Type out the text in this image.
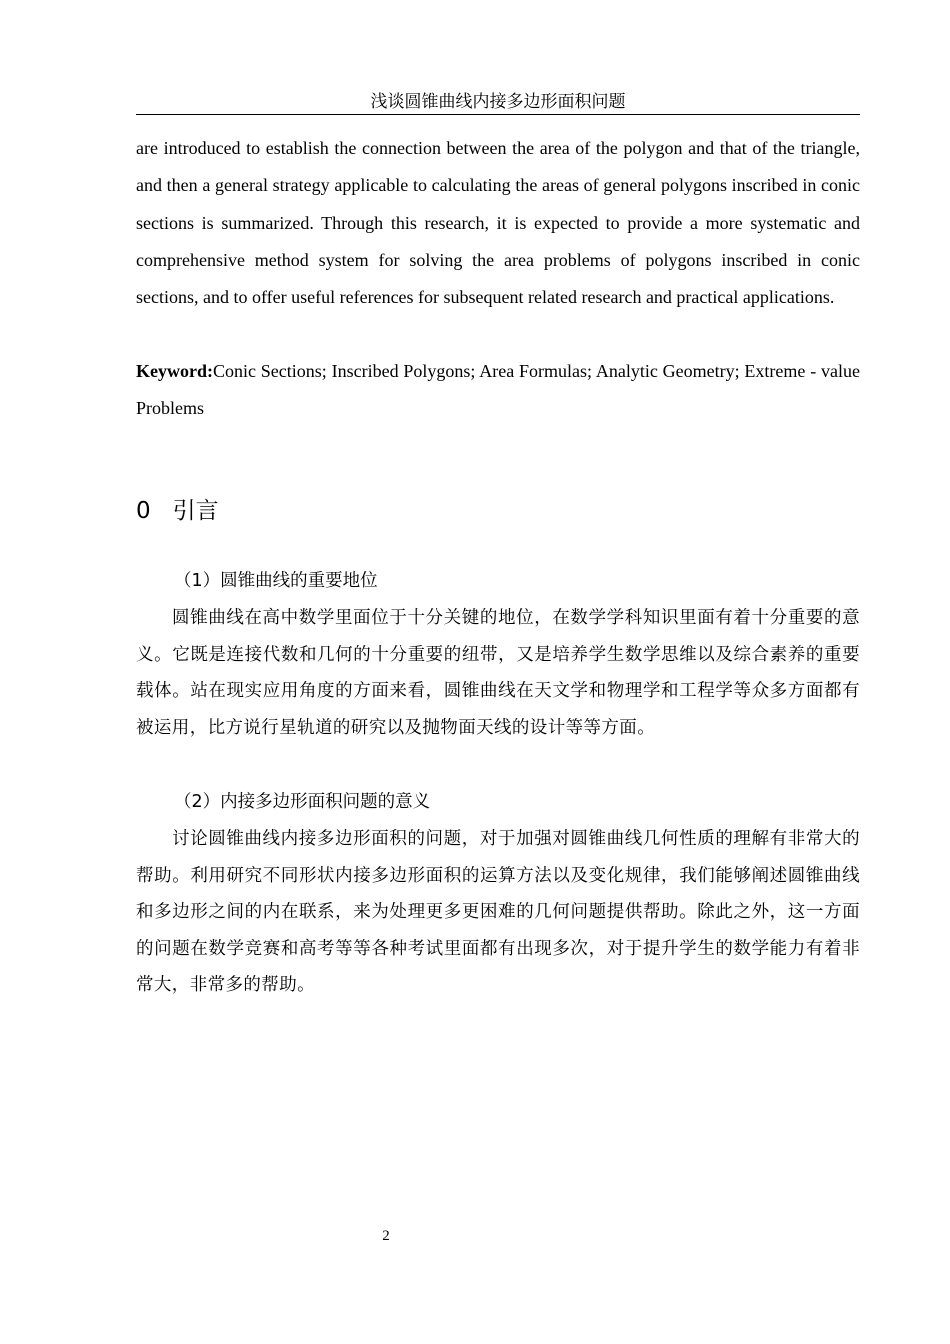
浅谈圆锥曲线内接多边形面积问题

are introduced to establish the connection between the area of the polygon and that of the triangle, and then a general strategy applicable to calculating the areas of general polygons inscribed in conic sections is summarized. Through this research, it is expected to provide a more systematic and comprehensive method system for solving the area problems of polygons inscribed in conic sections, and to offer useful references for subsequent related research and practical applications.

Keyword:Conic Sections; Inscribed Polygons; Area Formulas; Analytic Geometry; Extreme - value Problems
0 引言
（1）圆锥曲线的重要地位
圆锥曲线在高中数学里面位于十分关键的地位，在数学学科知识里面有着十分重要的意义。它既是连接代数和几何的十分重要的纽带，又是培养学生数学思维以及综合素养的重要载体。站在现实应用角度的方面来看，圆锥曲线在天文学和物理学和工程学等众多方面都有被运用，比方说行星轨道的研究以及抛物面天线的设计等等方面。
（2）内接多边形面积问题的意义
讨论圆锥曲线内接多边形面积的问题，对于加强对圆锥曲线几何性质的理解有非常大的帮助。利用研究不同形状内接多边形面积的运算方法以及变化规律，我们能够阐述圆锥曲线和多边形之间的内在联系，来为处理更多更困难的几何问题提供帮助。除此之外，这一方面的问题在数学竞赛和高考等等各种考试里面都有出现多次，对于提升学生的数学能力有着非常大，非常多的帮助。
2
